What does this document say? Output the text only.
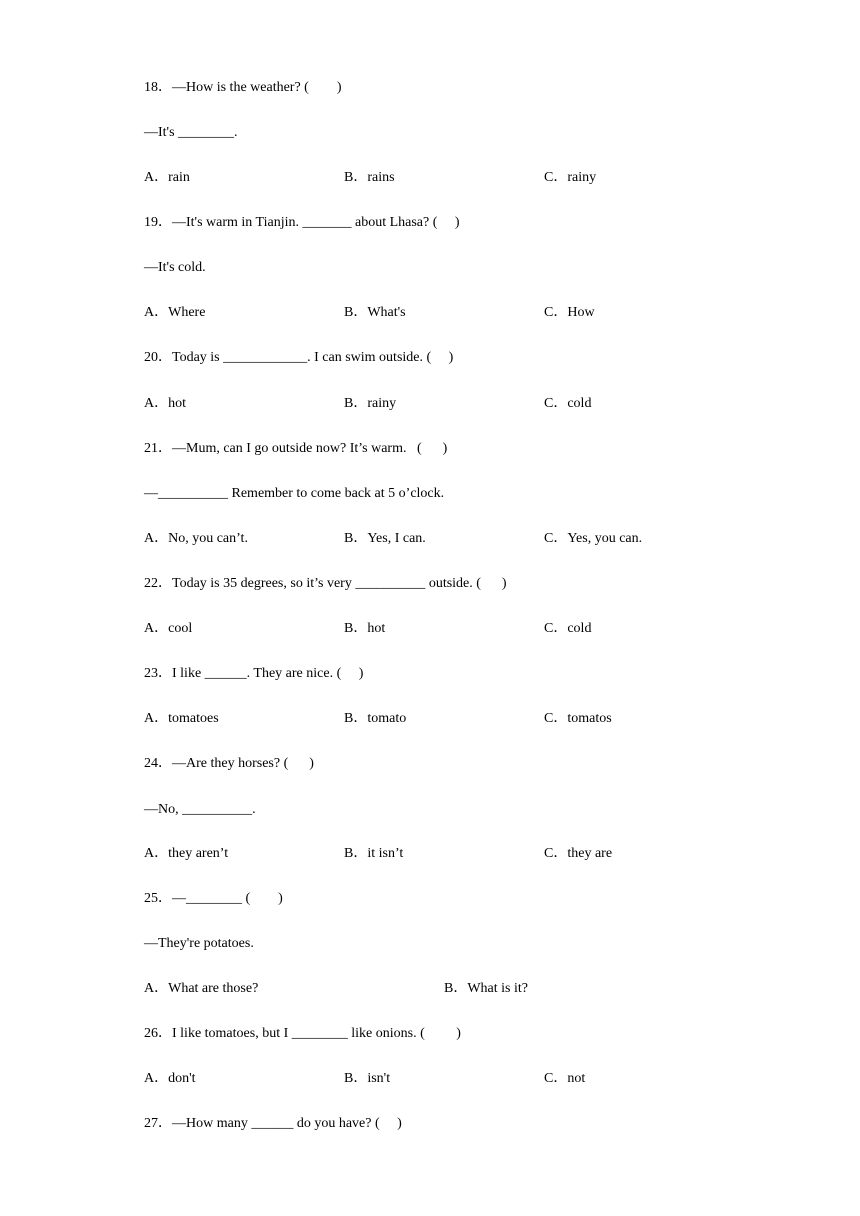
18．—How is the weather? (        )
—It's ________.
A．rain	B．rains	C．rainy
19．—It's warm in Tianjin. _______ about Lhasa? (     )
—It's cold.
A．Where	B．What's	C．How
20．Today is ____________. I can swim outside. (     )
A．hot	B．rainy	C．cold
21．—Mum, can I go outside now? It’s warm.   (      )
—__________ Remember to come back at 5 o’clock.
A．No, you can’t.	B．Yes, I can.	C．Yes, you can.
22．Today is 35 degrees, so it’s very __________ outside. (      )
A．cool	B．hot	C．cold
23．I like ______. They are nice. (     )
A．tomatoes	B．tomato	C．tomatos
24．—Are they horses? (      )
—No, __________.
A．they aren’t	B．it isn’t	C．they are
25．—________ (        )
—They're potatoes.
A．What are those?	B．What is it?
26．I like tomatoes, but I ________ like onions. (         )
A．don't	B．isn't	C．not
27．—How many ______ do you have? (     )
